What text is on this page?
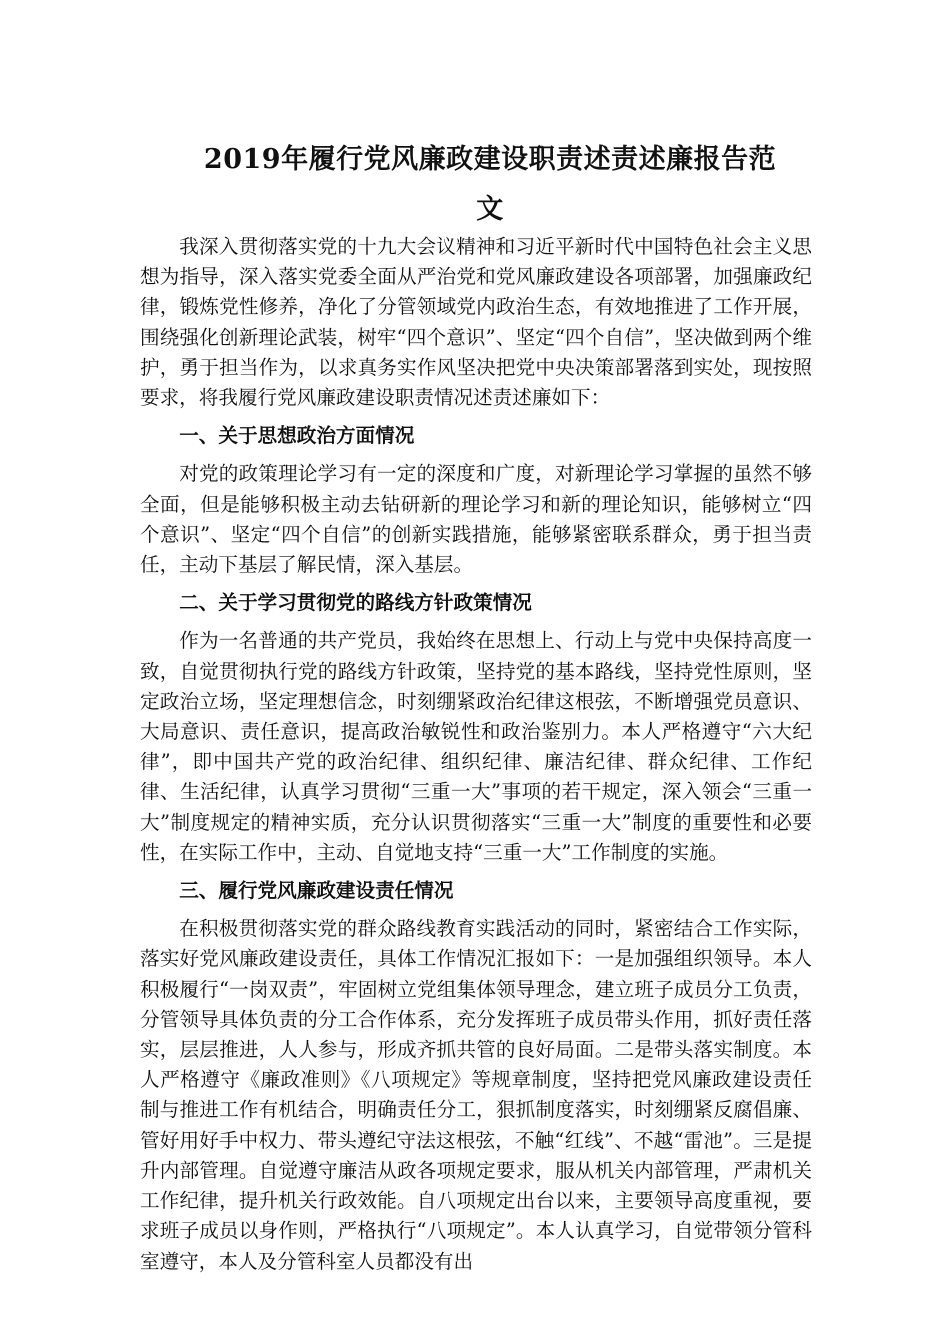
2019年履行党风廉政建设职责述责述廉报告范
文

我深入贯彻落实党的十九大会议精神和习近平新时代中国特色社会主义思想为指导，深入落实党委全面从严治党和党风廉政建设各项部署，加强廉政纪律，锻炼党性修养，净化了分管领域党内政治生态，有效地推进了工作开展，围绕强化创新理论武装，树牢“四个意识”、坚定“四个自信”，坚决做到两个维护，勇于担当作为，以求真务实作风坚决把党中央决策部署落到实处，现按照要求，将我履行党风廉政建设职责情况述责述廉如下：

一、关于思想政治方面情况

对党的政策理论学习有一定的深度和广度，对新理论学习掌握的虽然不够全面，但是能够积极主动去钻研新的理论学习和新的理论知识，能够树立“四个意识”、坚定“四个自信”的创新实践措施，能够紧密联系群众，勇于担当责任，主动下基层了解民情，深入基层。

二、关于学习贯彻党的路线方针政策情况

作为一名普通的共产党员，我始终在思想上、行动上与党中央保持高度一致，自觉贯彻执行党的路线方针政策，坚持党的基本路线，坚持党性原则，坚定政治立场，坚定理想信念，时刻绷紧政治纪律这根弦，不断增强党员意识、大局意识、责任意识，提高政治敏锐性和政治鉴别力。本人严格遵守“六大纪律”，即中国共产党的政治纪律、组织纪律、廉洁纪律、群众纪律、工作纪律、生活纪律，认真学习贯彻“三重一大”事项的若干规定，深入领会“三重一大”制度规定的精神实质，充分认识贯彻落实“三重一大”制度的重要性和必要性，在实际工作中，主动、自觉地支持“三重一大”工作制度的实施。

三、履行党风廉政建设责任情况

在积极贯彻落实党的群众路线教育实践活动的同时，紧密结合工作实际，落实好党风廉政建设责任，具体工作情况汇报如下：一是加强组织领导。本人积极履行“一岗双责”，牢固树立党组集体领导理念，建立班子成员分工负责，分管领导具体负责的分工合作体系，充分发挥班子成员带头作用，抓好责任落实，层层推进，人人参与，形成齐抓共管的良好局面。二是带头落实制度。本人严格遵守《廉政准则》《八项规定》等规章制度，坚持把党风廉政建设责任制与推进工作有机结合，明确责任分工，狠抓制度落实，时刻绷紧反腐倡廉、管好用好手中权力、带头遵纪守法这根弦，不触“红线”、不越“雷池”。三是提升内部管理。自觉遵守廉洁从政各项规定要求，服从机关内部管理，严肃机关工作纪律，提升机关行政效能。自八项规定出台以来，主要领导高度重视，要求班子成员以身作则，严格执行“八项规定”。本人认真学习，自觉带领分管科室遵守，本人及分管科室人员都没有出
